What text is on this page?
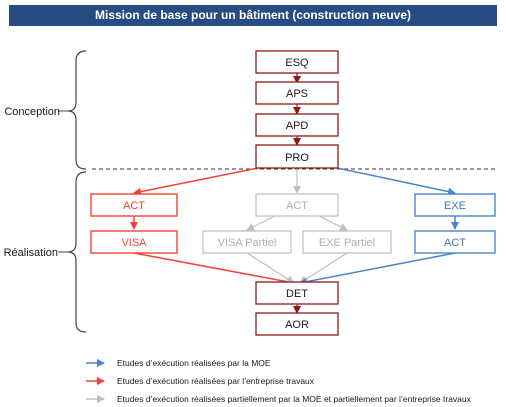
Mission de base pour un bâtiment (construction neuve)
ESQ
APS
APD
PRO
ACT
VISA
ACT
VISA Partiel	EXE Partiel
EXE
ACT
DET
AOR
Conception
Réalisation
Etudes d’exécution réalisées par la MOE
Etudes d’exécution réalisées par l’entreprise travaux
Etudes d’exécution réalisées partiellement par la MOE et partiellement par l’entreprise travaux
